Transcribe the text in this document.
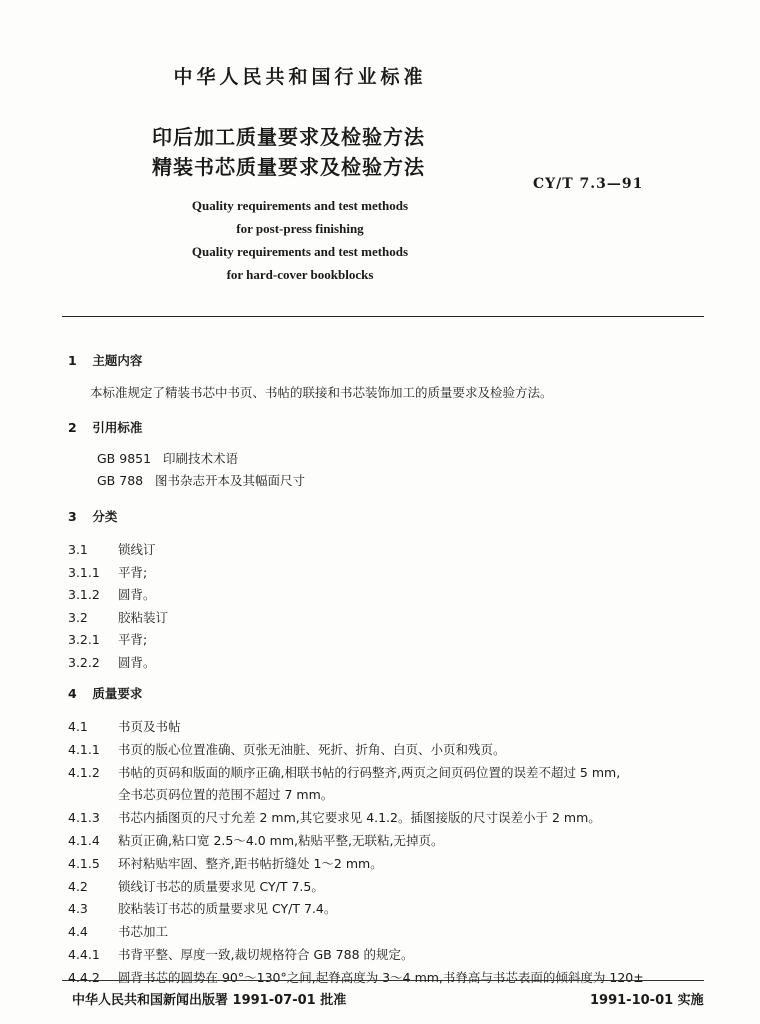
中华人民共和国行业标准
印后加工质量要求及检验方法
精装书芯质量要求及检验方法
CY/T 7.3—91
Quality requirements and test methods
for post-press finishing
Quality requirements and test methods
for hard-cover bookblocks
1 主题内容
本标准规定了精装书芯中书页、书帖的联接和书芯装饰加工的质量要求及检验方法。
2 引用标准
GB 9851   印刷技术术语
GB 788   图书杂志开本及其幅面尺寸
3 分类
3.1 锁线订
3.1.1 平背;
3.1.2 圆背。
3.2 胶粘装订
3.2.1 平背;
3.2.2 圆背。
4 质量要求
4.1 书页及书帖
4.1.1 书页的版心位置准确、页张无油脏、死折、折角、白页、小页和残页。
4.1.2 书帖的页码和版面的顺序正确,相联书帖的行码整齐,两页之间页码位置的误差不超过 5 mm,
全书芯页码位置的范围不超过 7 mm。
4.1.3 书芯内插图页的尺寸允差 2 mm,其它要求见 4.1.2。插图接版的尺寸误差小于 2 mm。
4.1.4 粘页正确,粘口宽 2.5～4.0 mm,粘贴平整,无联粘,无掉页。
4.1.5 环衬粘贴牢固、整齐,距书帖折缝处 1～2 mm。
4.2 锁线订书芯的质量要求见 CY/T 7.5。
4.3 胶粘装订书芯的质量要求见 CY/T 7.4。
4.4 书芯加工
4.4.1 书背平整、厚度一致,裁切规格符合 GB 788 的规定。
4.4.2 圆背书芯的圆势在 90°～130°之间,起脊高度为 3～4 mm,书脊高与书芯表面的倾斜度为 120±
中华人民共和国新闻出版署 1991-07-01 批准	1991-10-01 实施
